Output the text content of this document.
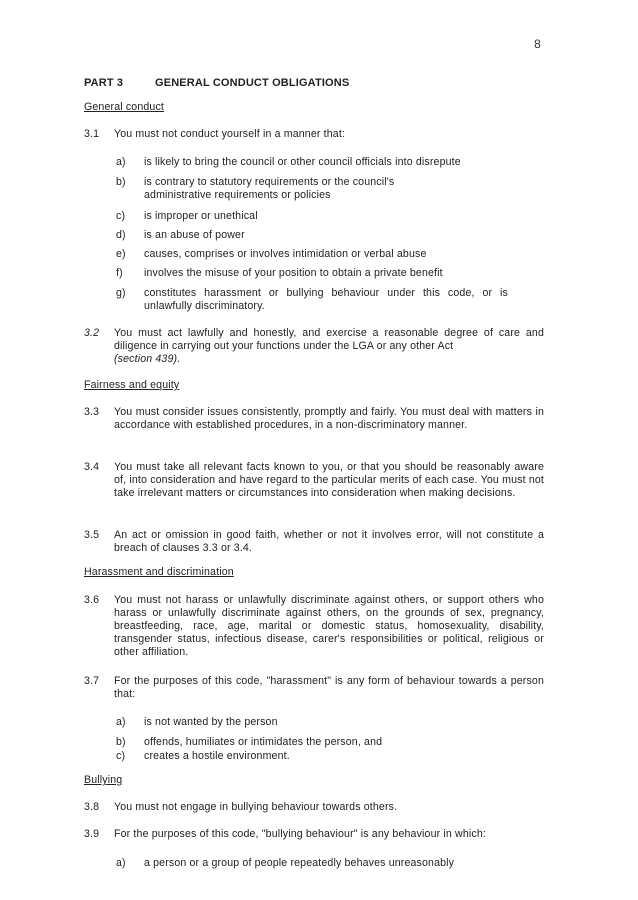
8
PART 3	GENERAL CONDUCT OBLIGATIONS
General conduct
3.1 You must not conduct yourself in a manner that:
a) is likely to bring the council or other council officials into disrepute
b) is contrary to statutory requirements or the council's administrative requirements or policies
c) is improper or unethical
d) is an abuse of power
e) causes, comprises or involves intimidation or verbal abuse
f) involves the misuse of your position to obtain a private benefit
g) constitutes harassment or bullying behaviour under this code, or is unlawfully discriminatory.
3.2 You must act lawfully and honestly, and exercise a reasonable degree of care and diligence in carrying out your functions under the LGA or any other Act
(section 439).
Fairness and equity
3.3 You must consider issues consistently, promptly and fairly. You must deal with matters in accordance with established procedures, in a non-discriminatory manner.
3.4 You must take all relevant facts known to you, or that you should be reasonably aware of, into consideration and have regard to the particular merits of each case. You must not take irrelevant matters or circumstances into consideration when making decisions.
3.5 An act or omission in good faith, whether or not it involves error, will not constitute a breach of clauses 3.3 or 3.4.
Harassment and discrimination
3.6 You must not harass or unlawfully discriminate against others, or support others who harass or unlawfully discriminate against others, on the grounds of sex, pregnancy, breastfeeding, race, age, marital or domestic status, homosexuality, disability, transgender status, infectious disease, carer's responsibilities or political, religious or other affiliation.
3.7 For the purposes of this code, "harassment" is any form of behaviour towards a person that:
a) is not wanted by the person
b) offends, humiliates or intimidates the person, and
c) creates a hostile environment.
Bullying
3.8 You must not engage in bullying behaviour towards others.
3.9 For the purposes of this code, "bullying behaviour" is any behaviour in which:
a) a person or a group of people repeatedly behaves unreasonably
